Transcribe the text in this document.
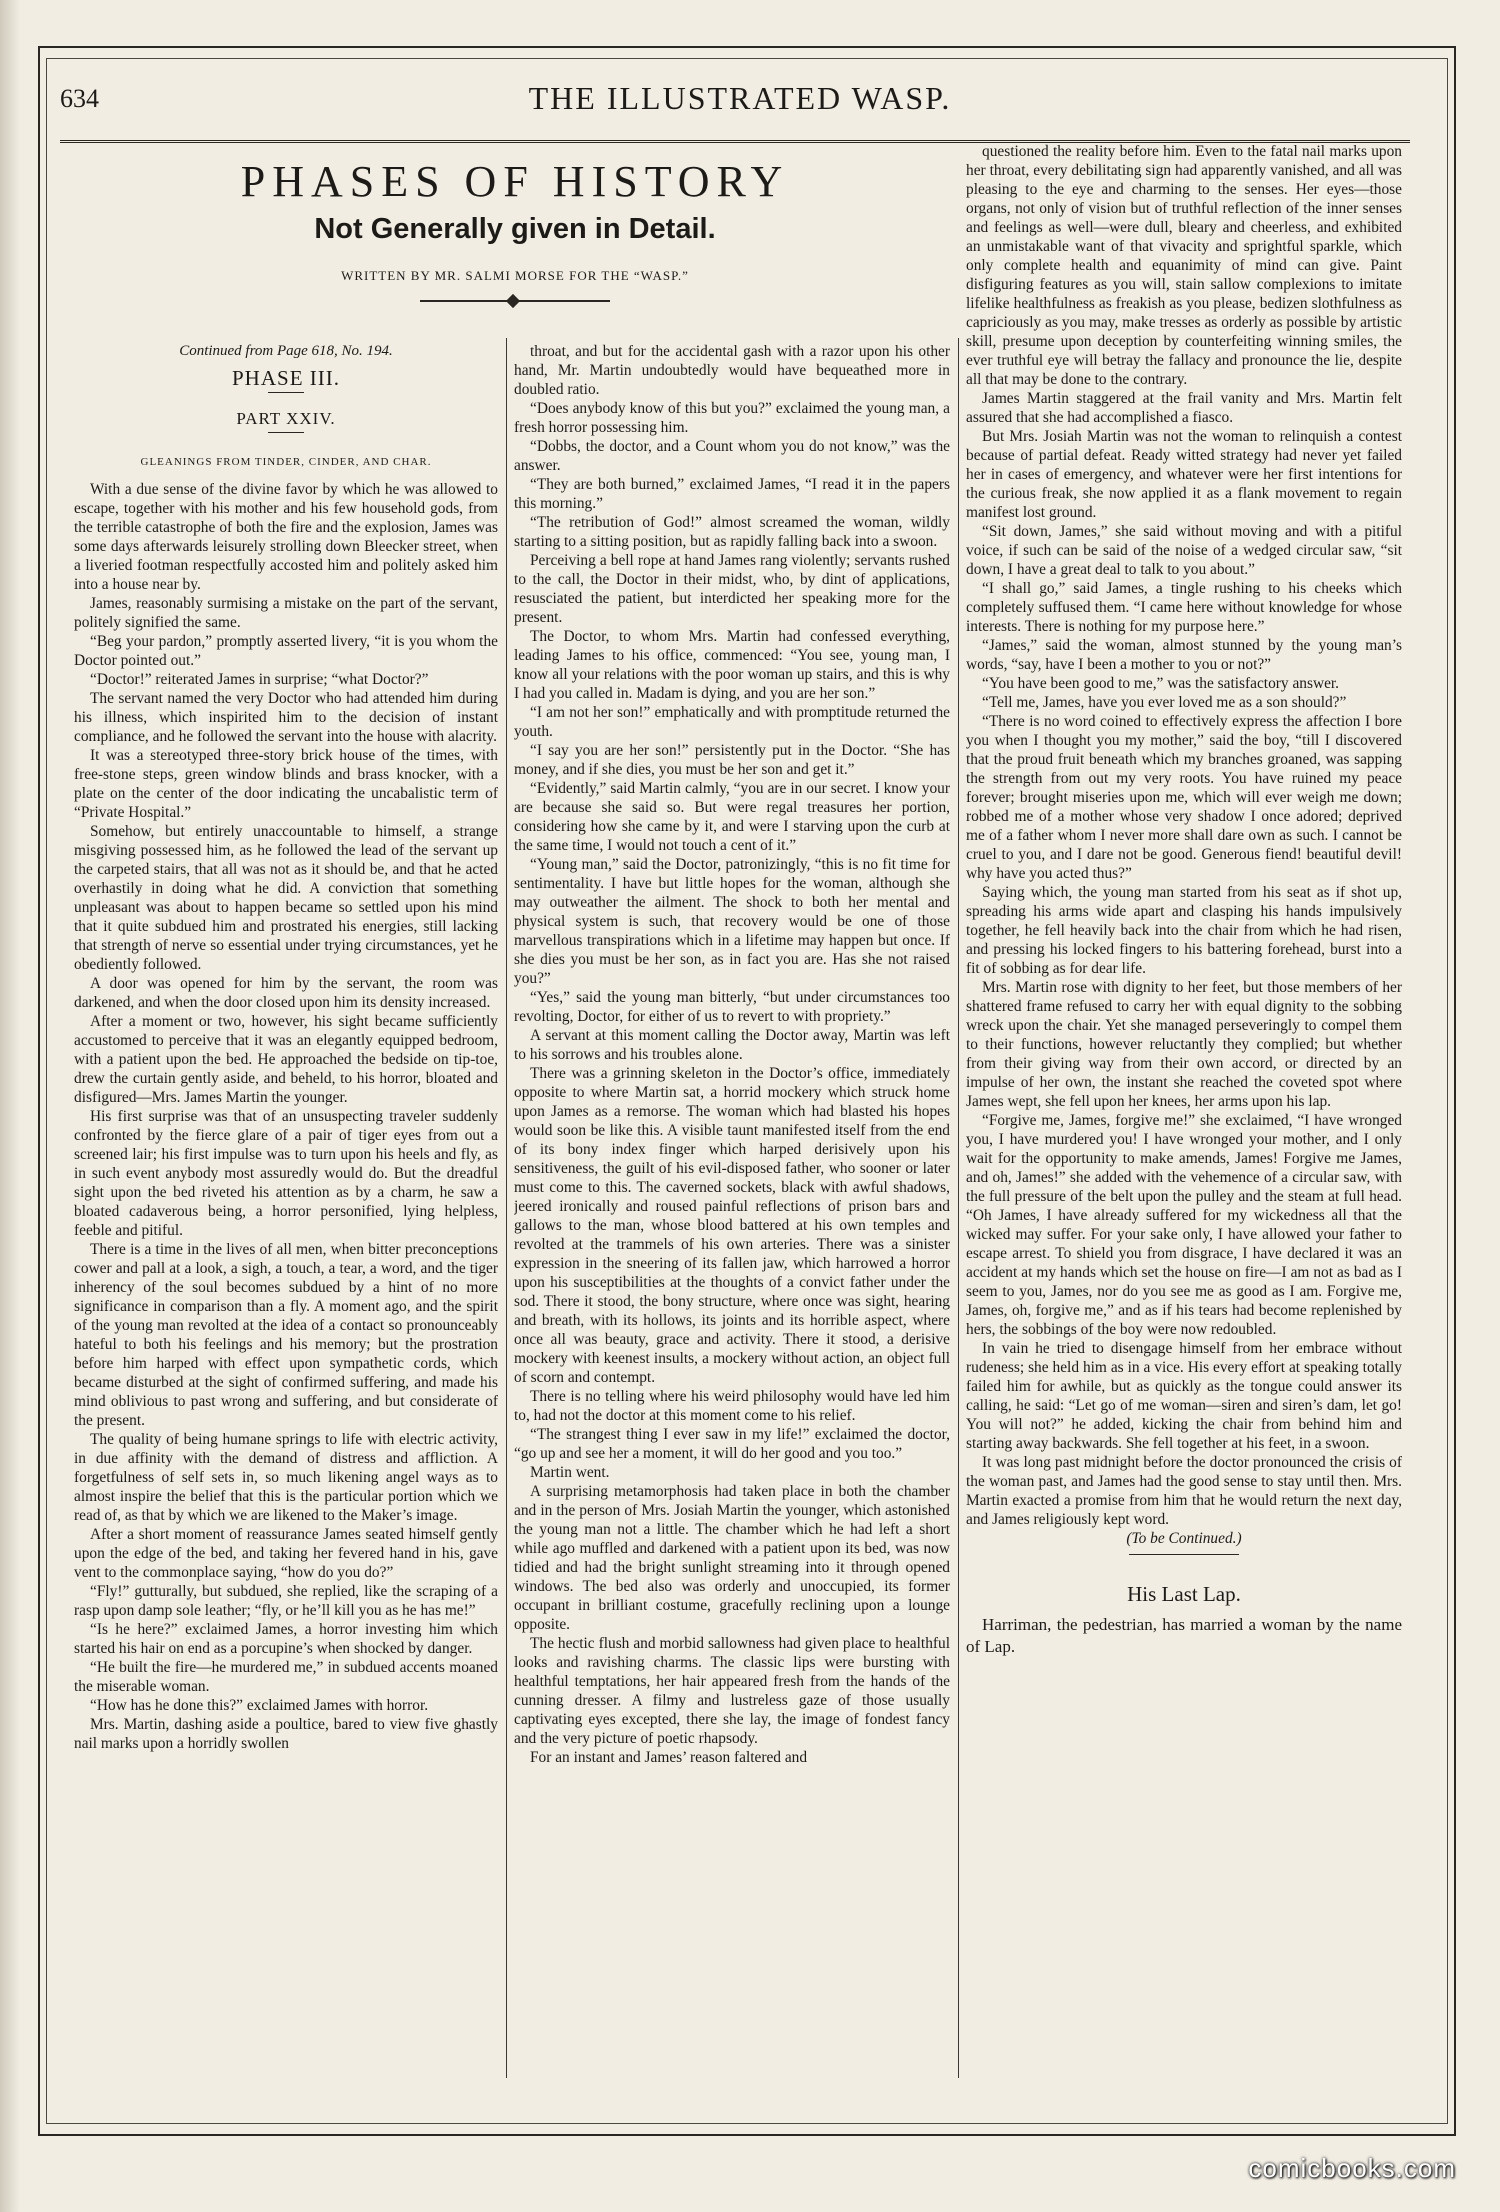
634	THE ILLUSTRATED WASP.
PHASES OF HISTORY
Not Generally given in Detail.
WRITTEN BY MR. SALMI MORSE FOR THE “WASP.”
Continued from Page 618, No. 194.
PHASE III.
PART XXIV.
GLEANINGS FROM TINDER, CINDER, AND CHAR.

With a due sense of the divine favor by which he was allowed to escape, together with his mother and his few household gods, from the terrible catastrophe of both the fire and the explosion, James was some days afterwards leisurely strolling down Bleecker street, when a liveried footman respectfully accosted him and politely asked him into a house near by.

James, reasonably surmising a mistake on the part of the servant, politely signified the same.

“Beg your pardon,” promptly asserted livery, “it is you whom the Doctor pointed out.”

“Doctor!” reiterated James in surprise; “what Doctor?”

The servant named the very Doctor who had attended him during his illness, which inspirited him to the decision of instant compliance, and he followed the servant into the house with alacrity.

It was a stereotyped three-story brick house of the times, with free-stone steps, green window blinds and brass knocker, with a plate on the center of the door indicating the uncabalistic term of “Private Hospital.”

Somehow, but entirely unaccountable to himself, a strange misgiving possessed him, as he followed the lead of the servant up the carpeted stairs, that all was not as it should be, and that he acted overhastily in doing what he did. A conviction that something unpleasant was about to happen became so settled upon his mind that it quite subdued him and prostrated his energies, still lacking that strength of nerve so essential under trying circumstances, yet he obediently followed.

A door was opened for him by the servant, the room was darkened, and when the door closed upon him its density increased.

After a moment or two, however, his sight became sufficiently accustomed to perceive that it was an elegantly equipped bedroom, with a patient upon the bed. He approached the bedside on tip-toe, drew the curtain gently aside, and beheld, to his horror, bloated and disfigured—Mrs. James Martin the younger.

His first surprise was that of an unsuspecting traveler suddenly confronted by the fierce glare of a pair of tiger eyes from out a screened lair; his first impulse was to turn upon his heels and fly, as in such event anybody most assuredly would do. But the dreadful sight upon the bed riveted his attention as by a charm, he saw a bloated cadaverous being, a horror personified, lying helpless, feeble and pitiful.

There is a time in the lives of all men, when bitter preconceptions cower and pall at a look, a sigh, a touch, a tear, a word, and the tiger inherency of the soul becomes subdued by a hint of no more significance in comparison than a fly. A moment ago, and the spirit of the young man revolted at the idea of a contact so pronounceably hateful to both his feelings and his memory; but the prostration before him harped with effect upon sympathetic cords, which became disturbed at the sight of confirmed suffering, and made his mind oblivious to past wrong and suffering, and but considerate of the present.

The quality of being humane springs to life with electric activity, in due affinity with the demand of distress and affliction. A forgetfulness of self sets in, so much likening angel ways as to almost inspire the belief that this is the particular portion which we read of, as that by which we are likened to the Maker’s image.

After a short moment of reassurance James seated himself gently upon the edge of the bed, and taking her fevered hand in his, gave vent to the commonplace saying, “how do you do?”

“Fly!” gutturally, but subdued, she replied, like the scraping of a rasp upon damp sole leather; “fly, or he’ll kill you as he has me!”

“Is he here?” exclaimed James, a horror investing him which started his hair on end as a porcupine’s when shocked by danger.

“He built the fire—he murdered me,” in subdued accents moaned the miserable woman.

“How has he done this?” exclaimed James with horror.

Mrs. Martin, dashing aside a poultice, bared to view five ghastly nail marks upon a horridly swollen

throat, and but for the accidental gash with a razor upon his other hand, Mr. Martin undoubtedly would have bequeathed more in doubled ratio.

“Does anybody know of this but you?” exclaimed the young man, a fresh horror possessing him.

“Dobbs, the doctor, and a Count whom you do not know,” was the answer.

“They are both burned,” exclaimed James, “I read it in the papers this morning.”

“The retribution of God!” almost screamed the woman, wildly starting to a sitting position, but as rapidly falling back into a swoon.

Perceiving a bell rope at hand James rang violently; servants rushed to the call, the Doctor in their midst, who, by dint of applications, resusciated the patient, but interdicted her speaking more for the present.

The Doctor, to whom Mrs. Martin had confessed everything, leading James to his office, commenced: “You see, young man, I know all your relations with the poor woman up stairs, and this is why I had you called in. Madam is dying, and you are her son.”

“I am not her son!” emphatically and with promptitude returned the youth.

“I say you are her son!” persistently put in the Doctor. “She has money, and if she dies, you must be her son and get it.”

“Evidently,” said Martin calmly, “you are in our secret. I know your are because she said so. But were regal treasures her portion, considering how she came by it, and were I starving upon the curb at the same time, I would not touch a cent of it.”

“Young man,” said the Doctor, patronizingly, “this is no fit time for sentimentality. I have but little hopes for the woman, although she may outweather the ailment. The shock to both her mental and physical system is such, that recovery would be one of those marvellous transpirations which in a lifetime may happen but once. If she dies you must be her son, as in fact you are. Has she not raised you?”

“Yes,” said the young man bitterly, “but under circumstances too revolting, Doctor, for either of us to revert to with propriety.”

A servant at this moment calling the Doctor away, Martin was left to his sorrows and his troubles alone.

There was a grinning skeleton in the Doctor’s office, immediately opposite to where Martin sat, a horrid mockery which struck home upon James as a remorse. The woman which had blasted his hopes would soon be like this. A visible taunt manifested itself from the end of its bony index finger which harped derisively upon his sensitiveness, the guilt of his evil-disposed father, who sooner or later must come to this. The caverned sockets, black with awful shadows, jeered ironically and roused painful reflections of prison bars and gallows to the man, whose blood battered at his own temples and revolted at the trammels of his own arteries. There was a sinister expression in the sneering of its fallen jaw, which harrowed a horror upon his susceptibilities at the thoughts of a convict father under the sod. There it stood, the bony structure, where once was sight, hearing and breath, with its hollows, its joints and its horrible aspect, where once all was beauty, grace and activity. There it stood, a derisive mockery with keenest insults, a mockery without action, an object full of scorn and contempt.

There is no telling where his weird philosophy would have led him to, had not the doctor at this moment come to his relief.

“The strangest thing I ever saw in my life!” exclaimed the doctor, “go up and see her a moment, it will do her good and you too.”

Martin went.

A surprising metamorphosis had taken place in both the chamber and in the person of Mrs. Josiah Martin the younger, which astonished the young man not a little. The chamber which he had left a short while ago muffled and darkened with a patient upon its bed, was now tidied and had the bright sunlight streaming into it through opened windows. The bed also was orderly and unoccupied, its former occupant in brilliant costume, gracefully reclining upon a lounge opposite.

The hectic flush and morbid sallowness had given place to healthful looks and ravishing charms. The classic lips were bursting with healthful temptations, her hair appeared fresh from the hands of the cunning dresser. A filmy and lustreless gaze of those usually captivating eyes excepted, there she lay, the image of fondest fancy and the very picture of poetic rhapsody.

For an instant and James’ reason faltered and

questioned the reality before him. Even to the fatal nail marks upon her throat, every debilitating sign had apparently vanished, and all was pleasing to the eye and charming to the senses. Her eyes—those organs, not only of vision but of truthful reflection of the inner senses and feelings as well—were dull, bleary and cheerless, and exhibited an unmistakable want of that vivacity and sprightful sparkle, which only complete health and equanimity of mind can give. Paint disfiguring features as you will, stain sallow complexions to imitate lifelike healthfulness as freakish as you please, bedizen slothfulness as capriciously as you may, make tresses as orderly as possible by artistic skill, presume upon deception by counterfeiting winning smiles, the ever truthful eye will betray the fallacy and pronounce the lie, despite all that may be done to the contrary.

James Martin staggered at the frail vanity and Mrs. Martin felt assured that she had accomplished a fiasco.

But Mrs. Josiah Martin was not the woman to relinquish a contest because of partial defeat. Ready witted strategy had never yet failed her in cases of emergency, and whatever were her first intentions for the curious freak, she now applied it as a flank movement to regain manifest lost ground.

“Sit down, James,” she said without moving and with a pitiful voice, if such can be said of the noise of a wedged circular saw, “sit down, I have a great deal to talk to you about.”

“I shall go,” said James, a tingle rushing to his cheeks which completely suffused them. “I came here without knowledge for whose interests. There is nothing for my purpose here.”

“James,” said the woman, almost stunned by the young man’s words, “say, have I been a mother to you or not?”

“You have been good to me,” was the satisfactory answer.

“Tell me, James, have you ever loved me as a son should?”

“There is no word coined to effectively express the affection I bore you when I thought you my mother,” said the boy, “till I discovered that the proud fruit beneath which my branches groaned, was sapping the strength from out my very roots. You have ruined my peace forever; brought miseries upon me, which will ever weigh me down; robbed me of a mother whose very shadow I once adored; deprived me of a father whom I never more shall dare own as such. I cannot be cruel to you, and I dare not be good. Generous fiend! beautiful devil! why have you acted thus?”

Saying which, the young man started from his seat as if shot up, spreading his arms wide apart and clasping his hands impulsively together, he fell heavily back into the chair from which he had risen, and pressing his locked fingers to his battering forehead, burst into a fit of sobbing as for dear life.

Mrs. Martin rose with dignity to her feet, but those members of her shattered frame refused to carry her with equal dignity to the sobbing wreck upon the chair. Yet she managed perseveringly to compel them to their functions, however reluctantly they complied; but whether from their giving way from their own accord, or directed by an impulse of her own, the instant she reached the coveted spot where James wept, she fell upon her knees, her arms upon his lap.

“Forgive me, James, forgive me!” she exclaimed, “I have wronged you, I have murdered you! I have wronged your mother, and I only wait for the opportunity to make amends, James! Forgive me James, and oh, James!” she added with the vehemence of a circular saw, with the full pressure of the belt upon the pulley and the steam at full head. “Oh James, I have already suffered for my wickedness all that the wicked may suffer. For your sake only, I have allowed your father to escape arrest. To shield you from disgrace, I have declared it was an accident at my hands which set the house on fire—I am not as bad as I seem to you, James, nor do you see me as good as I am. Forgive me, James, oh, forgive me,” and as if his tears had become replenished by hers, the sobbings of the boy were now redoubled.

In vain he tried to disengage himself from her embrace without rudeness; she held him as in a vice. His every effort at speaking totally failed him for awhile, but as quickly as the tongue could answer its calling, he said: “Let go of me woman—siren and siren’s dam, let go! You will not?” he added, kicking the chair from behind him and starting away backwards. She fell together at his feet, in a swoon.

It was long past midnight before the doctor pronounced the crisis of the woman past, and James had the good sense to stay until then. Mrs. Martin exacted a promise from him that he would return the next day, and James religiously kept word.

(To be Continued.)

His Last Lap.

Harriman, the pedestrian, has married a woman by the name of Lap.

comicbooks.com
